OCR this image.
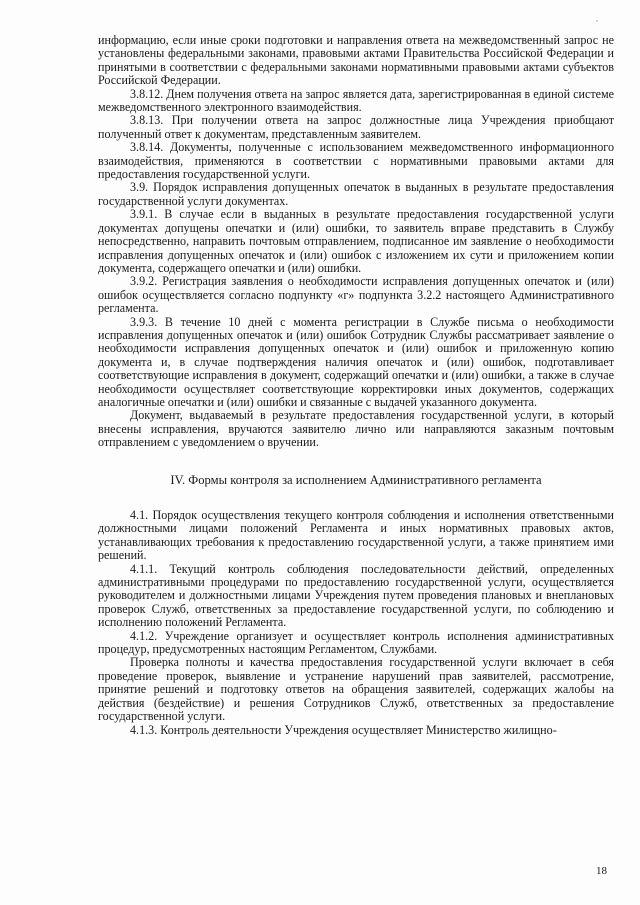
информацию, если иные сроки подготовки и направления ответа на межведомственный запрос не установлены федеральными законами, правовыми актами Правительства Российской Федерации и принятыми в соответствии с федеральными законами нормативными правовыми актами субъектов Российской Федерации.

3.8.12. Днем получения ответа на запрос является дата, зарегистрированная в единой системе межведомственного электронного взаимодействия.

3.8.13. При получении ответа на запрос должностные лица Учреждения приобщают полученный ответ к документам, представленным заявителем.

3.8.14. Документы, полученные с использованием межведомственного информационного взаимодействия, применяются в соответствии с нормативными правовыми актами для предоставления государственной услуги.

3.9. Порядок исправления допущенных опечаток в выданных в результате предоставления государственной услуги документах.

3.9.1. В случае если в выданных в результате предоставления государственной услуги документах допущены опечатки и (или) ошибки, то заявитель вправе представить в Службу непосредственно, направить почтовым отправлением, подписанное им заявление о необходимости исправления допущенных опечаток и (или) ошибок с изложением их сути и приложением копии документа, содержащего опечатки и (или) ошибки.

3.9.2. Регистрация заявления о необходимости исправления допущенных опечаток и (или) ошибок осуществляется согласно подпункту «г» подпункта 3.2.2 настоящего Административного регламента.

3.9.3. В течение 10 дней с момента регистрации в Службе письма о необходимости исправления допущенных опечаток и (или) ошибок Сотрудник Службы рассматривает заявление о необходимости исправления допущенных опечаток и (или) ошибок и приложенную копию документа и, в случае подтверждения наличия опечаток и (или) ошибок, подготавливает соответствующие исправления в документ, содержащий опечатки и (или) ошибки, а также в случае необходимости осуществляет соответствующие корректировки иных документов, содержащих аналогичные опечатки и (или) ошибки и связанные с выдачей указанного документа.

Документ, выдаваемый в результате предоставления государственной услуги, в который внесены исправления, вручаются заявителю лично или направляются заказным почтовым отправлением с уведомлением о вручении.

IV. Формы контроля за исполнением Административного регламента

4.1. Порядок осуществления текущего контроля соблюдения и исполнения ответственными должностными лицами положений Регламента и иных нормативных правовых актов, устанавливающих требования к предоставлению государственной услуги, а также принятием ими решений.

4.1.1. Текущий контроль соблюдения последовательности действий, определенных административными процедурами по предоставлению государственной услуги, осуществляется руководителем и должностными лицами Учреждения путем проведения плановых и внеплановых проверок Служб, ответственных за предоставление государственной услуги, по соблюдению и исполнению положений Регламента.

4.1.2. Учреждение организует и осуществляет контроль исполнения административных процедур, предусмотренных настоящим Регламентом, Службами.

Проверка полноты и качества предоставления государственной услуги включает в себя проведение проверок, выявление и устранение нарушений прав заявителей, рассмотрение, принятие решений и подготовку ответов на обращения заявителей, содержащих жалобы на действия (бездействие) и решения Сотрудников Служб, ответственных за предоставление государственной услуги.

4.1.3. Контроль деятельности Учреждения осуществляет Министерство жилищно-

18
